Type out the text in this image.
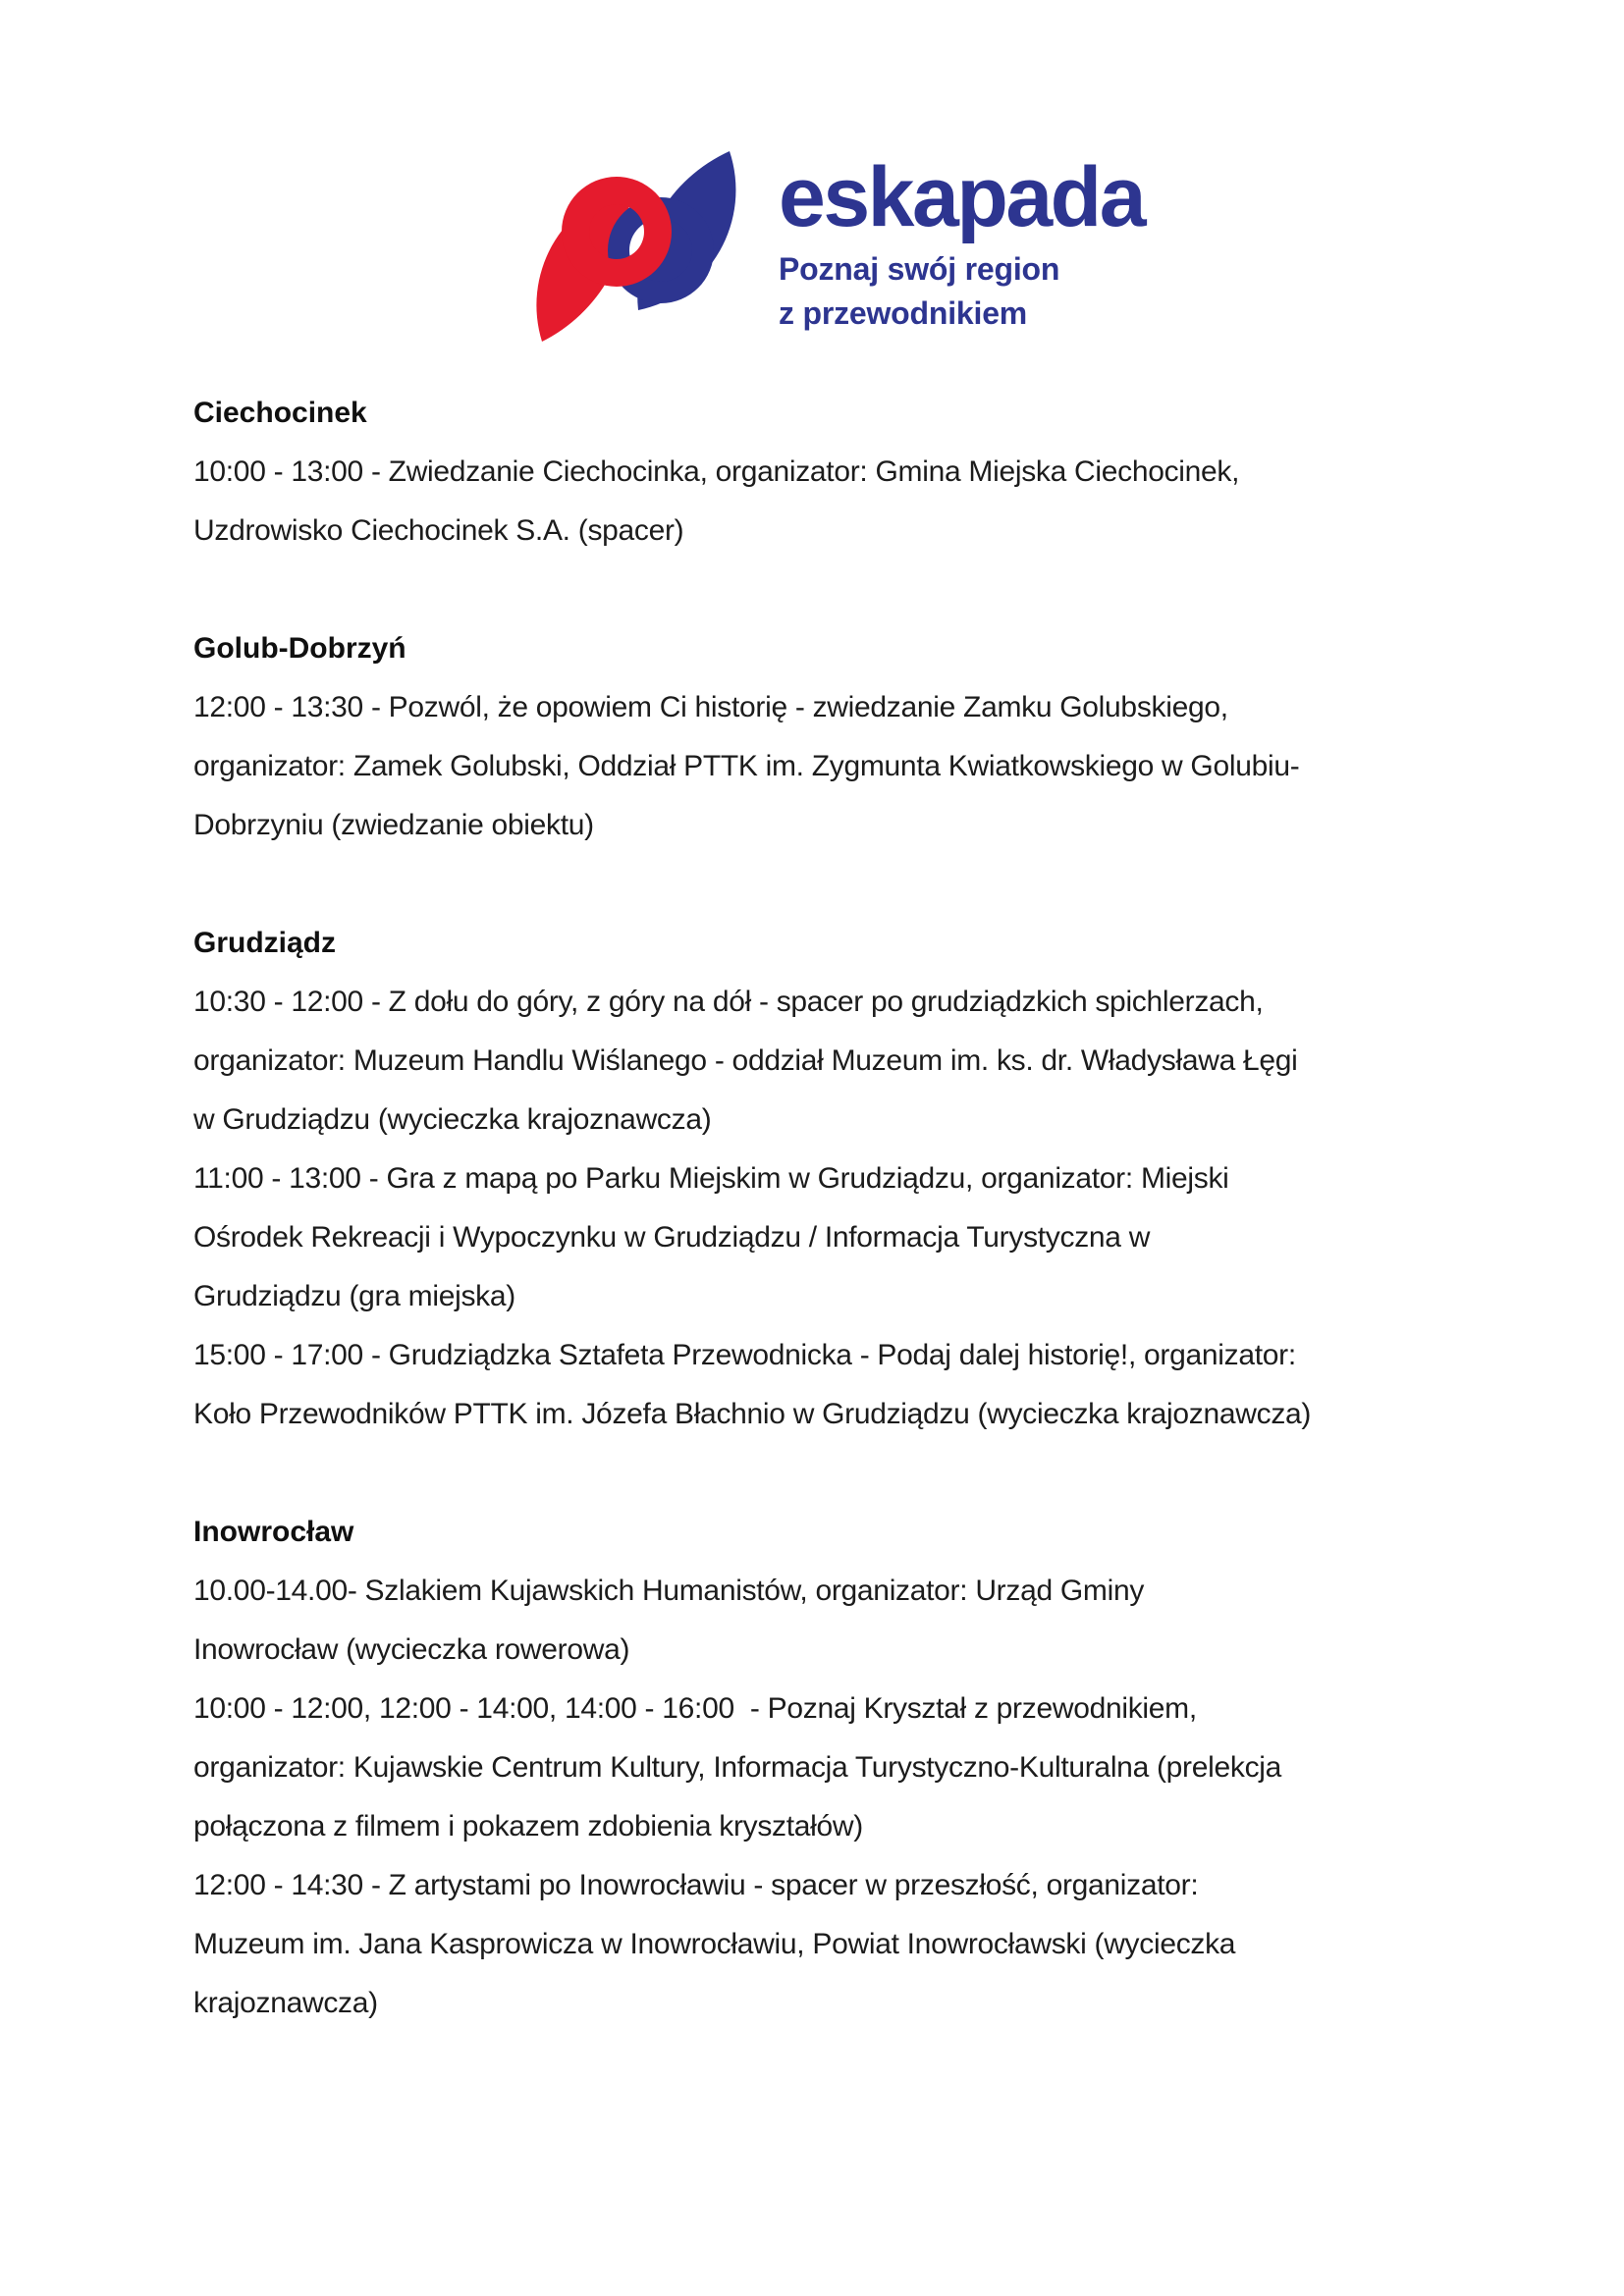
eskapada
Poznaj swój region
z przewodnikiem
Ciechocinek
10:00 - 13:00 - Zwiedzanie Ciechocinka, organizator: Gmina Miejska Ciechocinek,
Uzdrowisko Ciechocinek S.A. (spacer)
Golub-Dobrzyń
12:00 - 13:30 - Pozwól, że opowiem Ci historię - zwiedzanie Zamku Golubskiego,
organizator: Zamek Golubski, Oddział PTTK im. Zygmunta Kwiatkowskiego w Golubiu-
Dobrzyniu (zwiedzanie obiektu)
Grudziądz
10:30 - 12:00 - Z dołu do góry, z góry na dół - spacer po grudziądzkich spichlerzach,
organizator: Muzeum Handlu Wiślanego - oddział Muzeum im. ks. dr. Władysława Łęgi
w Grudziądzu (wycieczka krajoznawcza)
11:00 - 13:00 - Gra z mapą po Parku Miejskim w Grudziądzu, organizator: Miejski
Ośrodek Rekreacji i Wypoczynku w Grudziądzu / Informacja Turystyczna w
Grudziądzu (gra miejska)
15:00 - 17:00 - Grudziądzka Sztafeta Przewodnicka - Podaj dalej historię!, organizator:
Koło Przewodników PTTK im. Józefa Błachnio w Grudziądzu (wycieczka krajoznawcza)
Inowrocław
10.00-14.00- Szlakiem Kujawskich Humanistów, organizator: Urząd Gminy
Inowrocław (wycieczka rowerowa)
10:00 - 12:00, 12:00 - 14:00, 14:00 - 16:00  - Poznaj Kryształ z przewodnikiem,
organizator: Kujawskie Centrum Kultury, Informacja Turystyczno-Kulturalna (prelekcja
połączona z filmem i pokazem zdobienia kryształów)
12:00 - 14:30 - Z artystami po Inowrocławiu - spacer w przeszłość, organizator:
Muzeum im. Jana Kasprowicza w Inowrocławiu, Powiat Inowrocławski (wycieczka
krajoznawcza)
